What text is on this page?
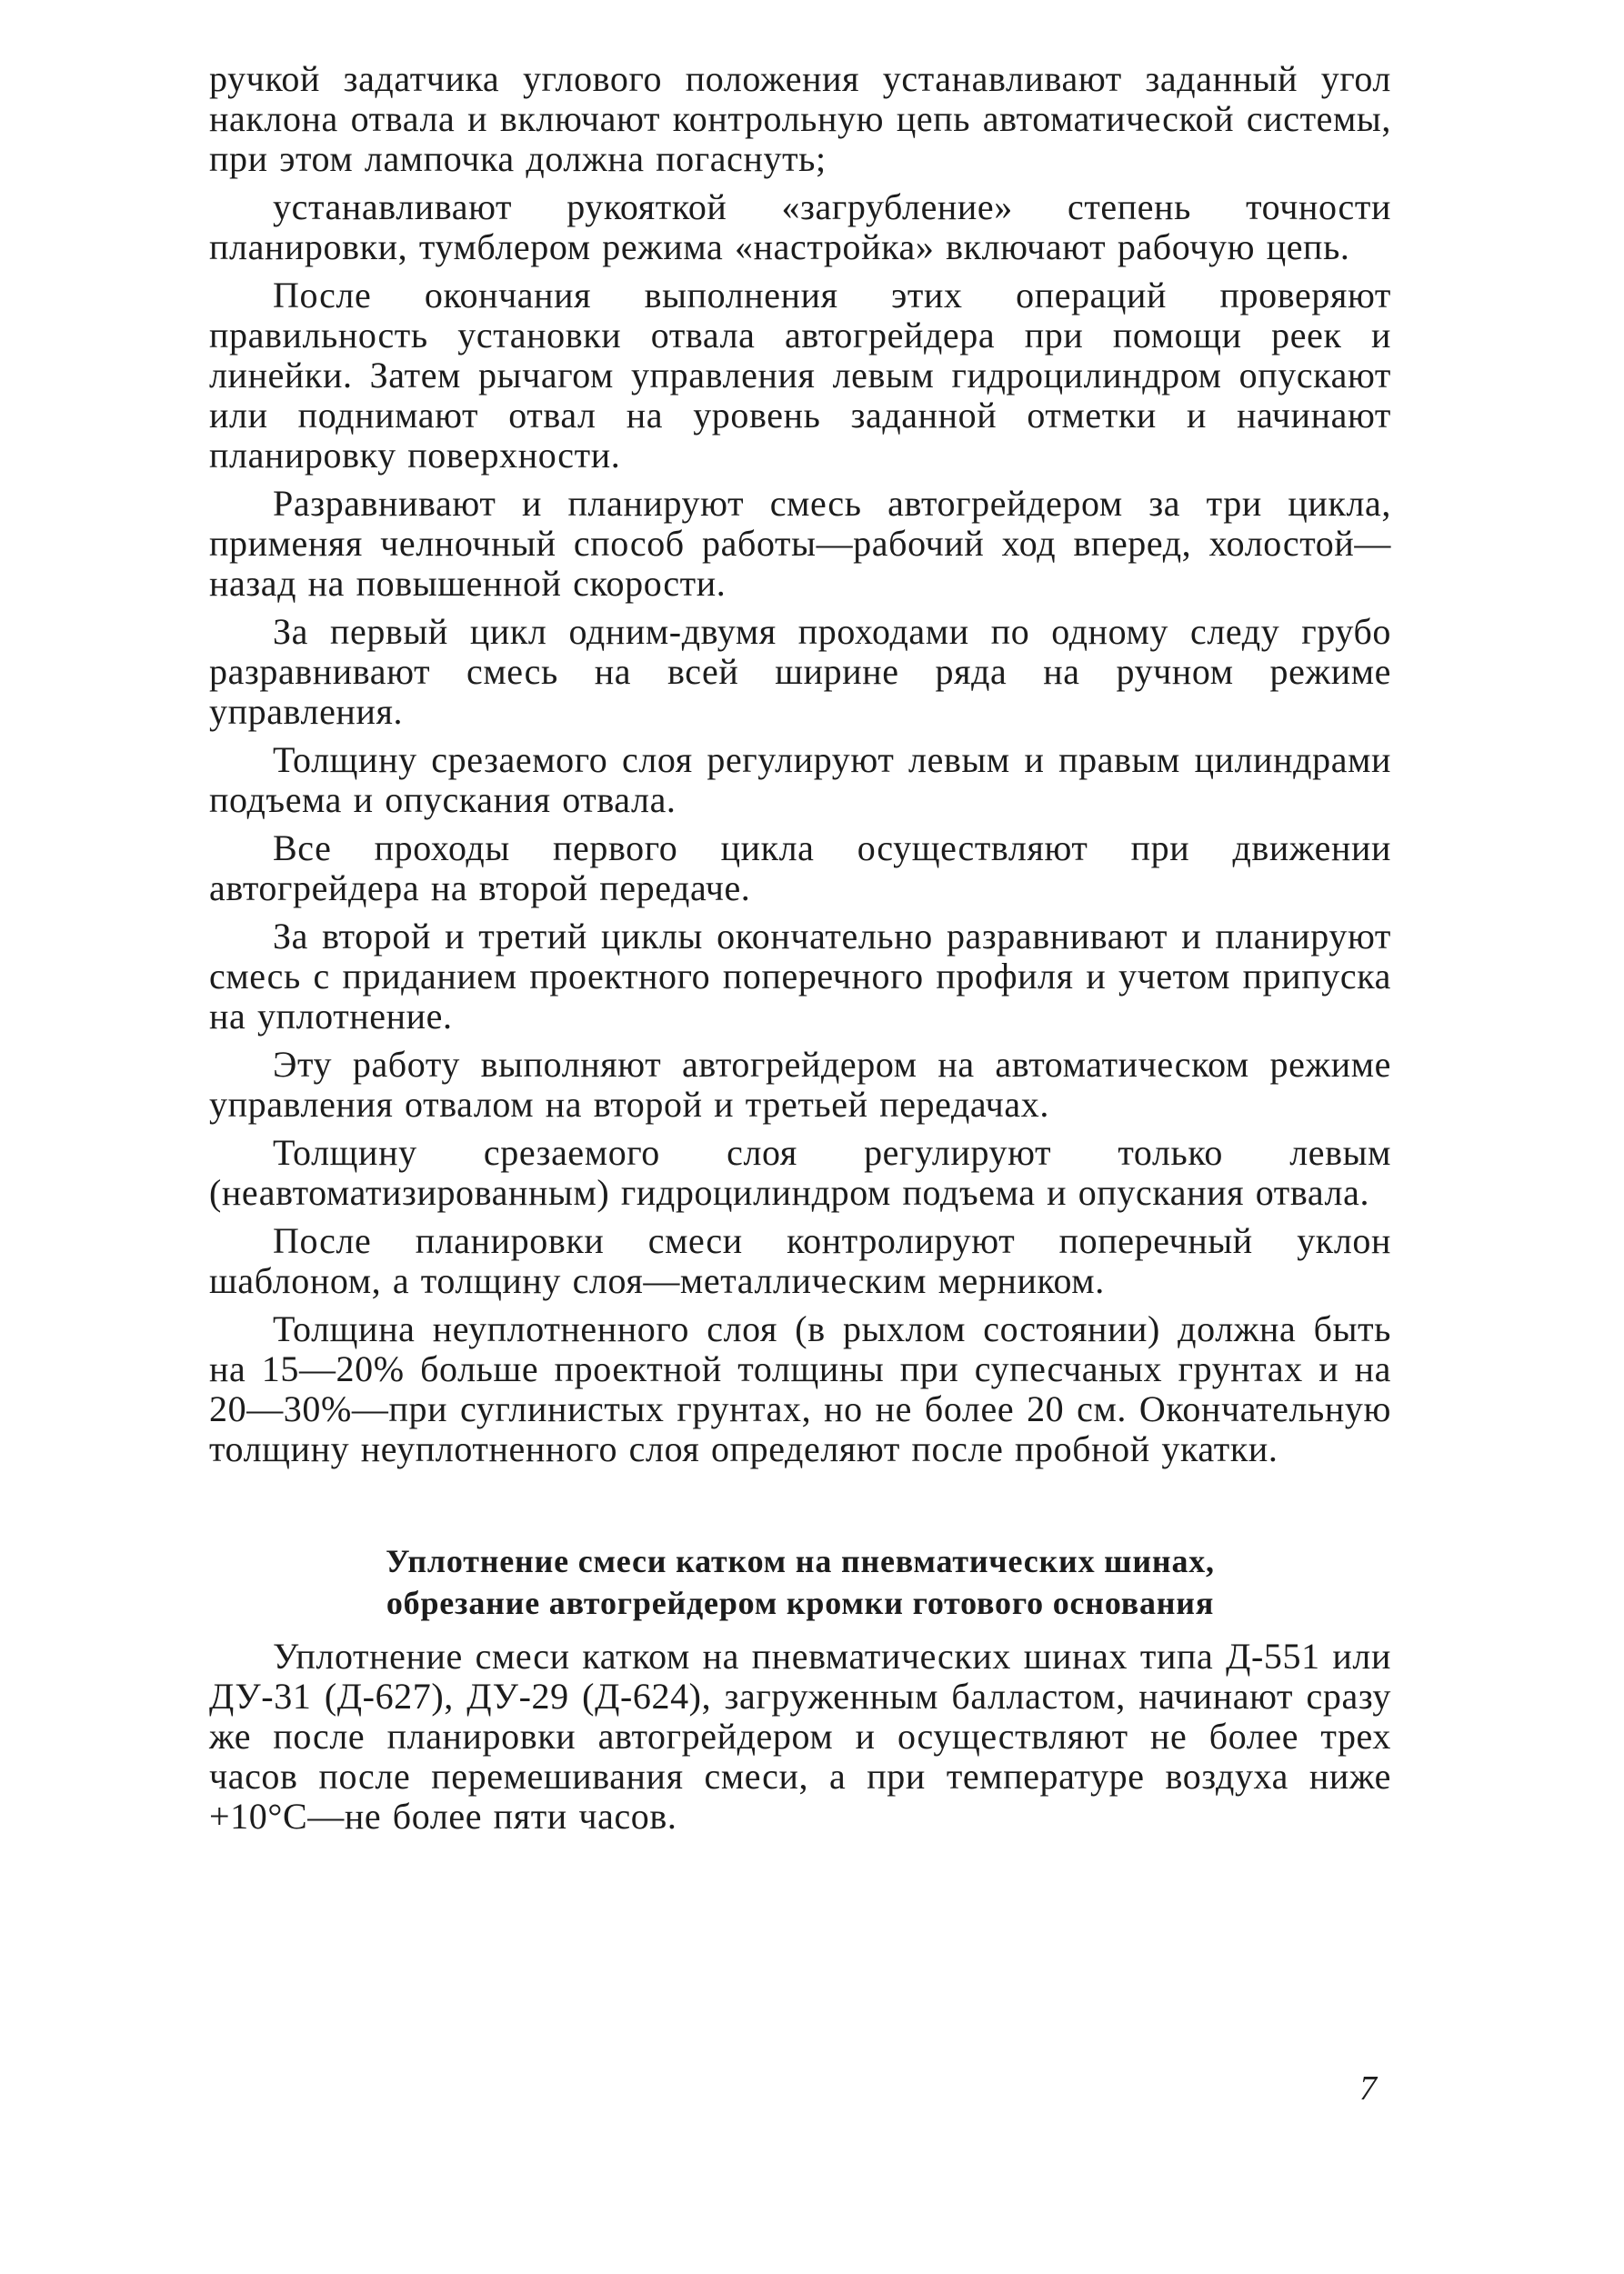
ручкой задатчика углового положения устанавливают заданный угол наклона отвала и включают контрольную цепь автоматической системы, при этом лампочка должна погаснуть;

устанавливают рукояткой «загрубление» степень точности планировки, тумблером режима «настройка» включают рабочую цепь.

После окончания выполнения этих операций проверяют правильность установки отвала автогрейдера при помощи реек и линейки. Затем рычагом управления левым гидроцилиндром опускают или поднимают отвал на уровень заданной отметки и начинают планировку поверхности.

Разравнивают и планируют смесь автогрейдером за три цикла, применяя челночный способ работы—рабочий ход вперед, холостой—назад на повышенной скорости.

За первый цикл одним-двумя проходами по одному следу грубо разравнивают смесь на всей ширине ряда на ручном режиме управления.

Толщину срезаемого слоя регулируют левым и правым цилиндрами подъема и опускания отвала.

Все проходы первого цикла осуществляют при движении автогрейдера на второй передаче.

За второй и третий циклы окончательно разравнивают и планируют смесь с приданием проектного поперечного профиля и учетом припуска на уплотнение.

Эту работу выполняют автогрейдером на автоматическом режиме управления отвалом на второй и третьей передачах.

Толщину срезаемого слоя регулируют только левым (неавтоматизированным) гидроцилиндром подъема и опускания отвала.

После планировки смеси контролируют поперечный уклон шаблоном, а толщину слоя—металлическим мерником.

Толщина неуплотненного слоя (в рыхлом состоянии) должна быть на 15—20% больше проектной толщины при супесчаных грунтах и на 20—30%—при суглинистых грунтах, но не более 20 см. Окончательную толщину неуплотненного слоя определяют после пробной укатки.

Уплотнение смеси катком на пневматических шинах,
обрезание автогрейдером кромки готового основания

Уплотнение смеси катком на пневматических шинах типа Д-551 или ДУ-31 (Д-627), ДУ-29 (Д-624), загруженным балластом, начинают сразу же после планировки автогрейдером и осуществляют не более трех часов после перемешивания смеси, а при температуре воздуха ниже +10°С—не более пяти часов.

7
